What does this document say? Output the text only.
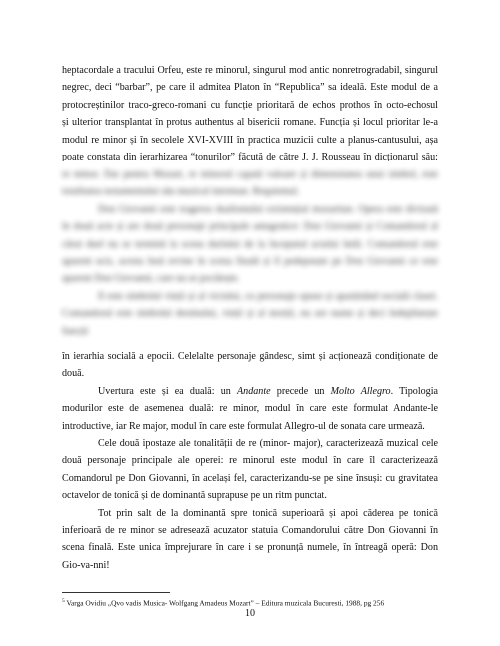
heptacordale a tracului Orfeu, este re minorul, singurul mod antic nonretrogradabil, singurul
negrec, deci “barbar”, pe care il admitea Platon în “Republica” sa ideală. Este modul de a
protocreștinilor traco-greco-romani cu funcție prioritară de echos prothos în octo-echosul
și ulterior transplantat în protus authentus al bisericii romane. Funcția și locul prioritar le-a
modul re minor și în secolele XVI-XVIII în practica muzicii culte a planus-cantusului, așa
poate constata din ierarhizarea “tonurilor” făcută de către J. J. Rousseau în dicționarul său:

re minor. Dar pentru Mozart, re minorul capată valoare și dimensiunea unui simbol, este totalitatea testamentului său muzical intreman. Requiemul.

Don Giovanni este tragerea dualismului existențial mozartian. Opera este divizată în două acte și are două personaje principale antagonice: Don Giovanni și Comandorul al cărui duel nu se termină la scena durlului de la începutul actului întâi. Comandorul este aparent ucis, acesta însă revine în scena finală și îl pedepsește pe Don Giovanni ce este aparent Don Giovanni, care nu se pocăiește.

Il este simbolul vieții și al viciului, cu personaje opuse și aparținând socială clasei. Comandorul este simbolul destinului, vieții și al morții, nu are nume și deci îndeplinește funcții

în ierarhia socială a epocii. Celelalte personaje gândesc, simt și acționează condiționate de
două.

Uvertura este și ea duală: un Andante precede un Molto Allegro. Tipologia modurilor este de asemenea duală: re minor, modul în care este formulat Andante-le introductive, iar Re major, modul în care este formulat Allegro-ul de sonata care urmează.

Cele două ipostaze ale tonalității de re (minor- major), caracterizează muzical cele două personaje principale ale operei: re minorul este modul în care îl caracterizează Comandorul pe Don Giovanni, în același fel, caracterizandu-se pe sine însuși: cu gravitatea octavelor de tonică și de dominantă suprapuse pe un ritm punctat.

Tot prin salt de la dominantă spre tonică superioară și apoi căderea pe tonică inferioară de re minor se adresează acuzator statuia Comandorului către Don Giovanni în scena finală. Este unica împrejurare în care i se pronunță numele, în întreagă operă: Don Gio-va-nni!

$^5$ Varga Ovidiu „Qvo vadis Musica- Wolfgang Amadeus Mozart” – Editura muzicala Bucuresti, 1988, pg 256
10
